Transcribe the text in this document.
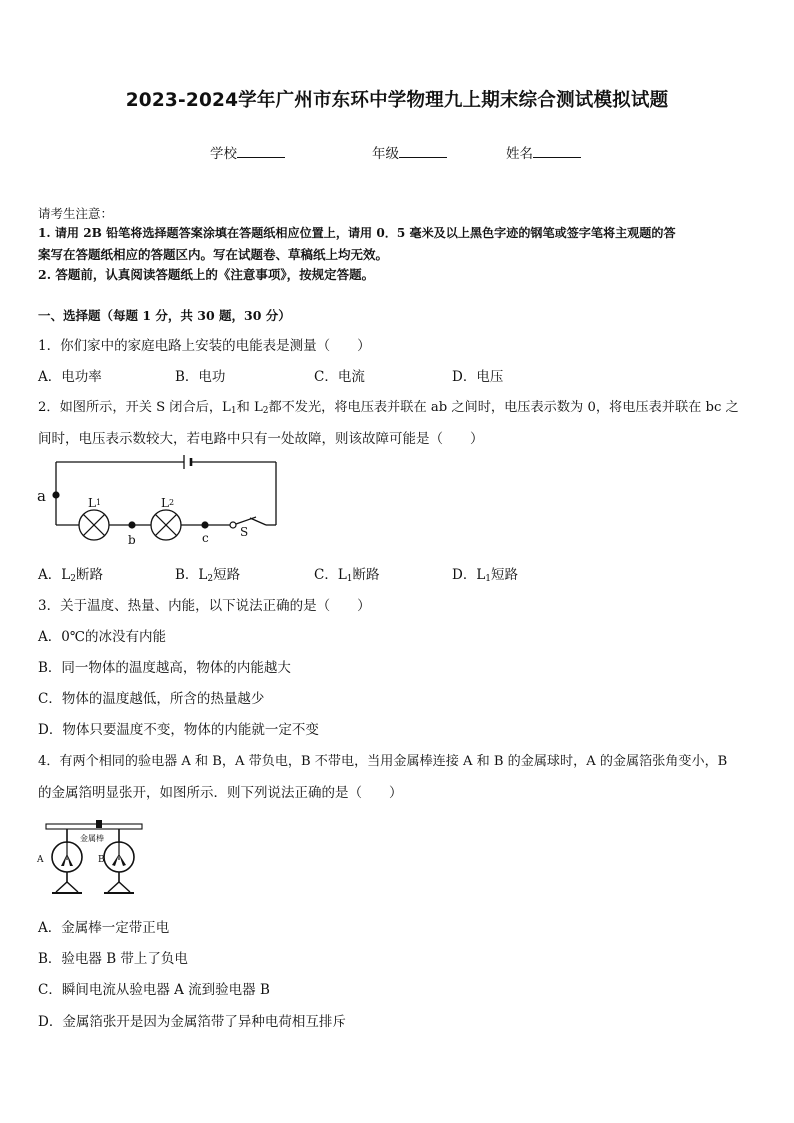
2023-2024学年广州市东环中学物理九上期末综合测试模拟试题
学校	年级	姓名
请考生注意：
1. 请用 2B 铅笔将选择题答案涂填在答题纸相应位置上，请用 0．5 毫米及以上黑色字迹的钢笔或签字笔将主观题的答
案写在答题纸相应的答题区内。写在试题卷、草稿纸上均无效。
2. 答题前，认真阅读答题纸上的《注意事项》，按规定答题。
一、选择题（每题 1 分，共 30 题，30 分）
1．你们家中的家庭电路上安装的电能表是测量（　　）
A．电功率	B．电功	C．电流	D．电压
2．如图所示，开关 S 闭合后，$L_1$和 $L_2$都不发光，将电压表并联在 ab 之间时，电压表示数为 0，将电压表并联在 bc 之
间时，电压表示数较大，若电路中只有一处故障，则该故障可能是（　　）
a
b	c	S
L 1	L 2
A．$L_2$断路	B．$L_2$短路	C．$L_1$断路	D．$L_1$短路
3．关于温度、热量、内能，以下说法正确的是（　　）
A．0℃的冰没有内能
B．同一物体的温度越高，物体的内能越大
C．物体的温度越低，所含的热量越少
D．物体只要温度不变，物体的内能就一定不变
4．有两个相同的验电器 A 和 B，A 带负电，B 不带电，当用金属棒连接 A 和 B 的金属球时，A 的金属箔张角变小，B
的金属箔明显张开，如图所示．则下列说法正确的是（　　）
金属棒
A	B
A．金属棒一定带正电
B．验电器 B 带上了负电
C．瞬间电流从验电器 A 流到验电器 B
D．金属箔张开是因为金属箔带了异种电荷相互排斥
